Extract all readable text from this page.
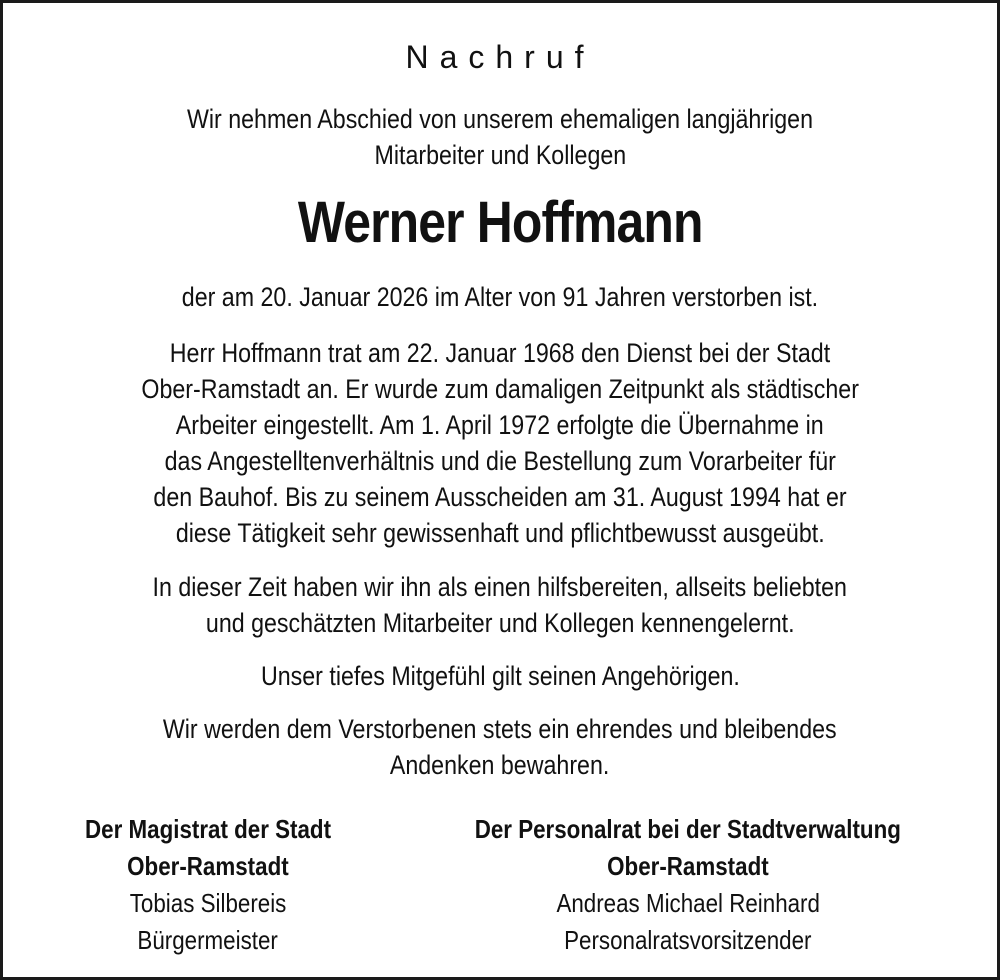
Nachruf
Wir nehmen Abschied von unserem ehemaligen langjährigen
Mitarbeiter und Kollegen
Werner Hoffmann
der am 20. Januar 2026 im Alter von 91 Jahren verstorben ist.
Herr Hoffmann trat am 22. Januar 1968 den Dienst bei der Stadt
Ober-Ramstadt an. Er wurde zum damaligen Zeitpunkt als städtischer
Arbeiter eingestellt. Am 1. April 1972 erfolgte die Übernahme in
das Angestelltenverhältnis und die Bestellung zum Vorarbeiter für
den Bauhof. Bis zu seinem Ausscheiden am 31. August 1994 hat er
diese Tätigkeit sehr gewissenhaft und pflichtbewusst ausgeübt.
In dieser Zeit haben wir ihn als einen hilfsbereiten, allseits beliebten
und geschätzten Mitarbeiter und Kollegen kennengelernt.
Unser tiefes Mitgefühl gilt seinen Angehörigen.
Wir werden dem Verstorbenen stets ein ehrendes und bleibendes
Andenken bewahren.
Der Magistrat der Stadt
Ober-Ramstadt
Tobias Silbereis
Bürgermeister
Der Personalrat bei der Stadtverwaltung
Ober-Ramstadt
Andreas Michael Reinhard
Personalratsvorsitzender
